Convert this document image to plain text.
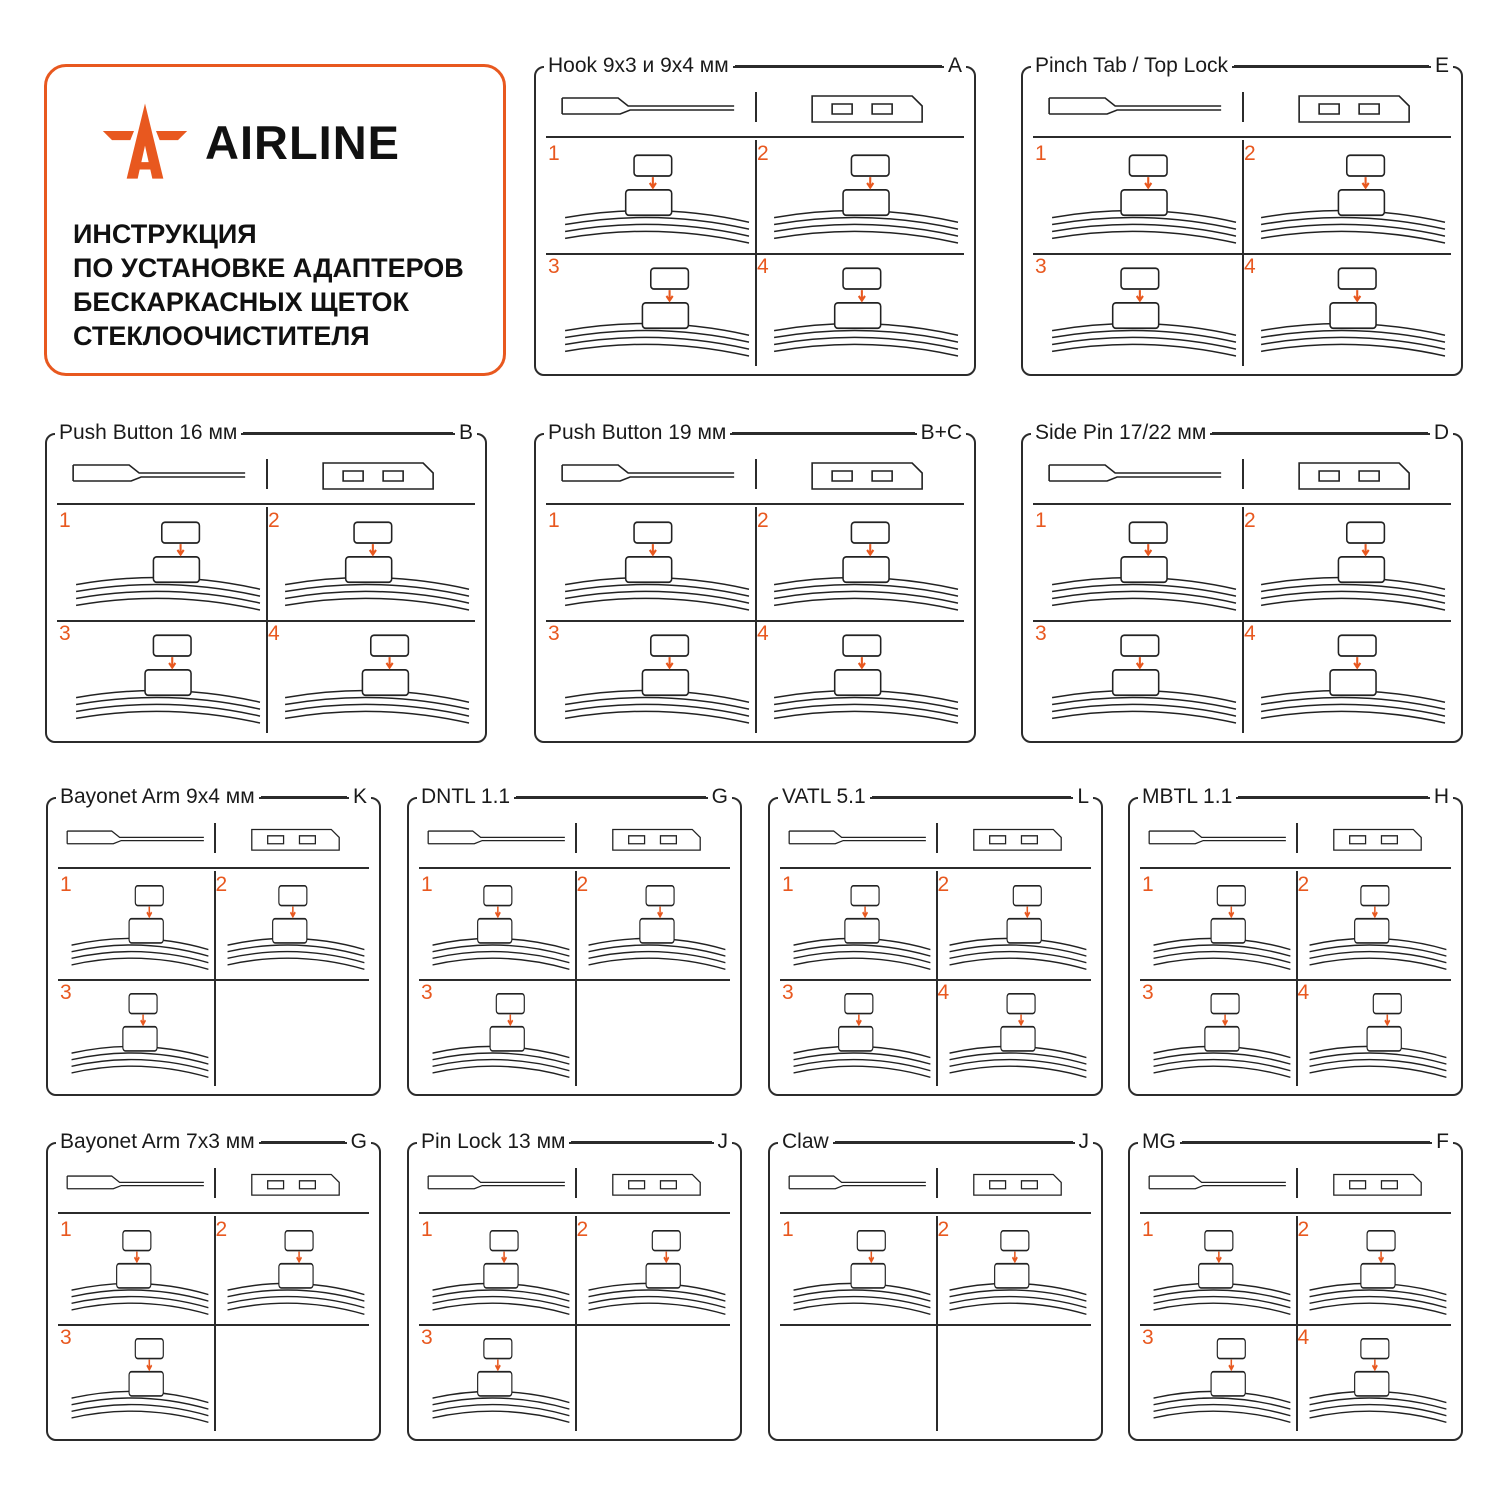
AIRLINE
ИНСТРУКЦИЯ
ПО УСТАНОВКЕ АДАПТЕРОВ
БЕСКАРКАСНЫХ ЩЕТОК
СТЕКЛООЧИСТИТЕЛЯ
Hook 9x3 и 9x4 мм	A
1	2
3	4
Pinch Tab / Top Lock	E
1	2
3	4
Push Button 16 мм	B
1	2
3	4
Push Button 19 мм	B+C
1	2
3	4
Side Pin 17/22 мм	D
1	2
3	4
Bayonet Arm 9x4 мм	K
1	2
3
DNTL 1.1	G
1	2
3
VATL 5.1	L
1	2
3	4
MBTL 1.1	H
1	2
3	4
Bayonet Arm 7x3 мм	G
1	2
3
Pin Lock 13 мм	J
1	2
3
Claw	J
1	2
MG	F
1	2
3	4
